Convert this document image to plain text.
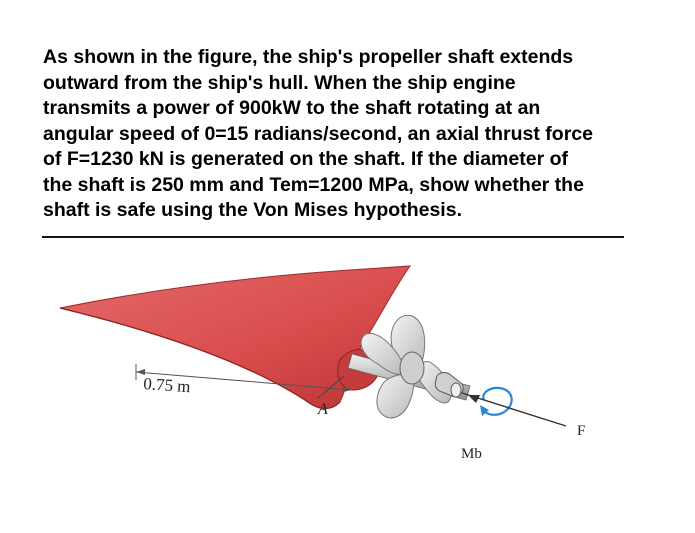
As shown in the figure, the ship's propeller shaft extends
outward from the ship's hull. When the ship engine
transmits a power of 900kW to the shaft rotating at an
angular speed of 0=15 radians/second, an axial thrust force
of F=1230 kN is generated on the shaft. If the diameter of
the shaft is 250 mm and Tem=1200 MPa, show whether the
shaft is safe using the Von Mises hypothesis.
0.75 m
A
Mb
F
